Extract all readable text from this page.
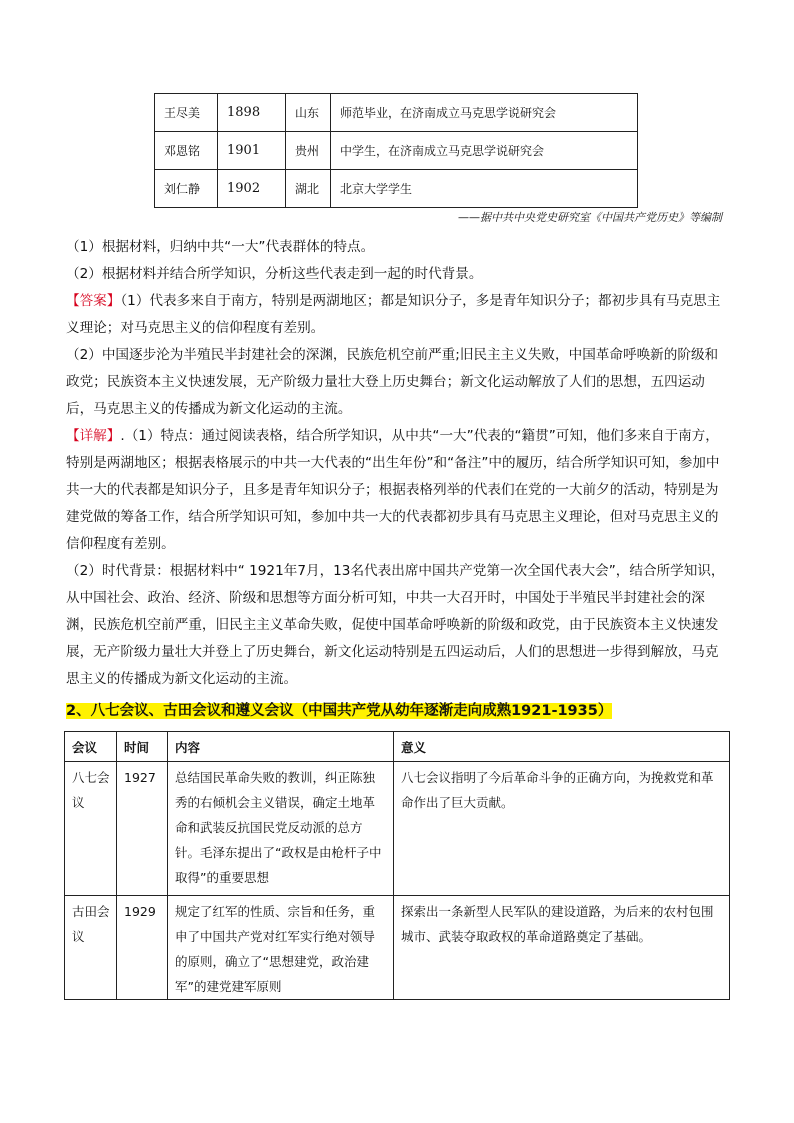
王尽美	1898	山东	师范毕业，在济南成立马克思学说研究会
邓恩铭	1901	贵州	中学生，在济南成立马克思学说研究会
刘仁静	1902	湖北	北京大学学生
——据中共中央党史研究室《中国共产党历史》等编制

（1）根据材料，归纳中共“一大”代表群体的特点。

（2）根据材料并结合所学知识，分析这些代表走到一起的时代背景。

【答案】（1）代表多来自于南方，特别是两湖地区；都是知识分子，多是青年知识分子；都初步具有马克思主义理论；对马克思主义的信仰程度有差别。

（2）中国逐步沦为半殖民半封建社会的深渊，民族危机空前严重;旧民主主义失败，中国革命呼唤新的阶级和政党；民族资本主义快速发展，无产阶级力量壮大登上历史舞台；新文化运动解放了人们的思想，五四运动后，马克思主义的传播成为新文化运动的主流。

【详解】.（1）特点：通过阅读表格，结合所学知识，从中共“一大”代表的“籍贯”可知，他们多来自于南方，特别是两湖地区；根据表格展示的中共一大代表的“出生年份”和“备注”中的履历，结合所学知识可知，参加中共一大的代表都是知识分子，且多是青年知识分子；根据表格列举的代表们在党的一大前夕的活动，特别是为建党做的筹备工作，结合所学知识可知，参加中共一大的代表都初步具有马克思主义理论，但对马克思主义的信仰程度有差别。

（2）时代背景：根据材料中“ 1921年7月，13名代表出席中国共产党第一次全国代表大会”，结合所学知识，从中国社会、政治、经济、阶级和思想等方面分析可知，中共一大召开时，中国处于半殖民半封建社会的深渊，民族危机空前严重，旧民主主义革命失败，促使中国革命呼唤新的阶级和政党，由于民族资本主义快速发展，无产阶级力量壮大并登上了历史舞台，新文化运动特别是五四运动后，人们的思想进一步得到解放，马克思主义的传播成为新文化运动的主流。

2、八七会议、古田会议和遵义会议（中国共产党从幼年逐渐走向成熟1921-1935）
会议	时间	内容	意义
八七会议	1927	总结国民革命失败的教训，纠正陈独秀的右倾机会主义错误，确定土地革命和武装反抗国民党反动派的总方针。毛泽东提出了“政权是由枪杆子中取得”的重要思想	八七会议指明了今后革命斗争的正确方向，为挽救党和革命作出了巨大贡献。
古田会议	1929	规定了红军的性质、宗旨和任务，重申了中国共产党对红军实行绝对领导的原则，确立了“思想建党，政治建军”的建党建军原则	探索出一条新型人民军队的建设道路，为后来的农村包围城市、武装夺取政权的革命道路奠定了基础。
